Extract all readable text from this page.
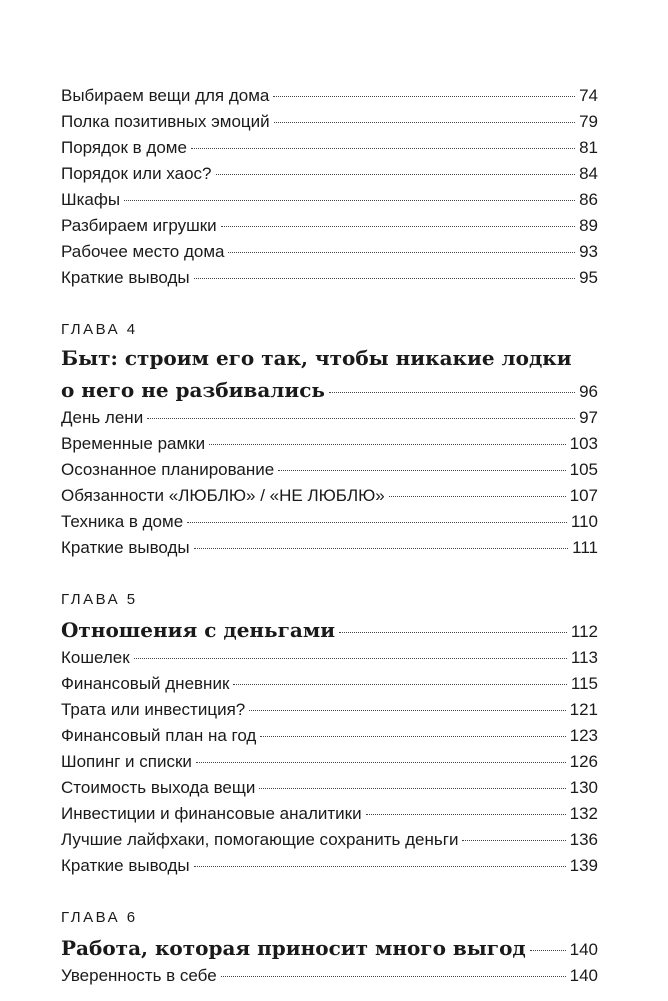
Выбираем вещи для дома	74
Полка позитивных эмоций	79
Порядок в доме	81
Порядок или хаос?	84
Шкафы	86
Разбираем игрушки	89
Рабочее место дома	93
Краткие выводы	95
ГЛАВА 4
Быт: строим его так, чтобы никакие лодки
о него не разбивались	96
День лени	97
Временные рамки	103
Осознанное планирование	105
Обязанности «ЛЮБЛЮ» / «НЕ ЛЮБЛЮ»	107
Техника в доме	110
Краткие выводы	111
ГЛАВА 5
Отношения с деньгами	112
Кошелек	113
Финансовый дневник	115
Трата или инвестиция?	121
Финансовый план на год	123
Шопинг и списки	126
Стоимость выхода вещи	130
Инвестиции и финансовые аналитики	132
Лучшие лайфхаки, помогающие сохранить деньги	136
Краткие выводы	139
ГЛАВА 6
Работа, которая приносит много выгод	140
Уверенность в себе	140
